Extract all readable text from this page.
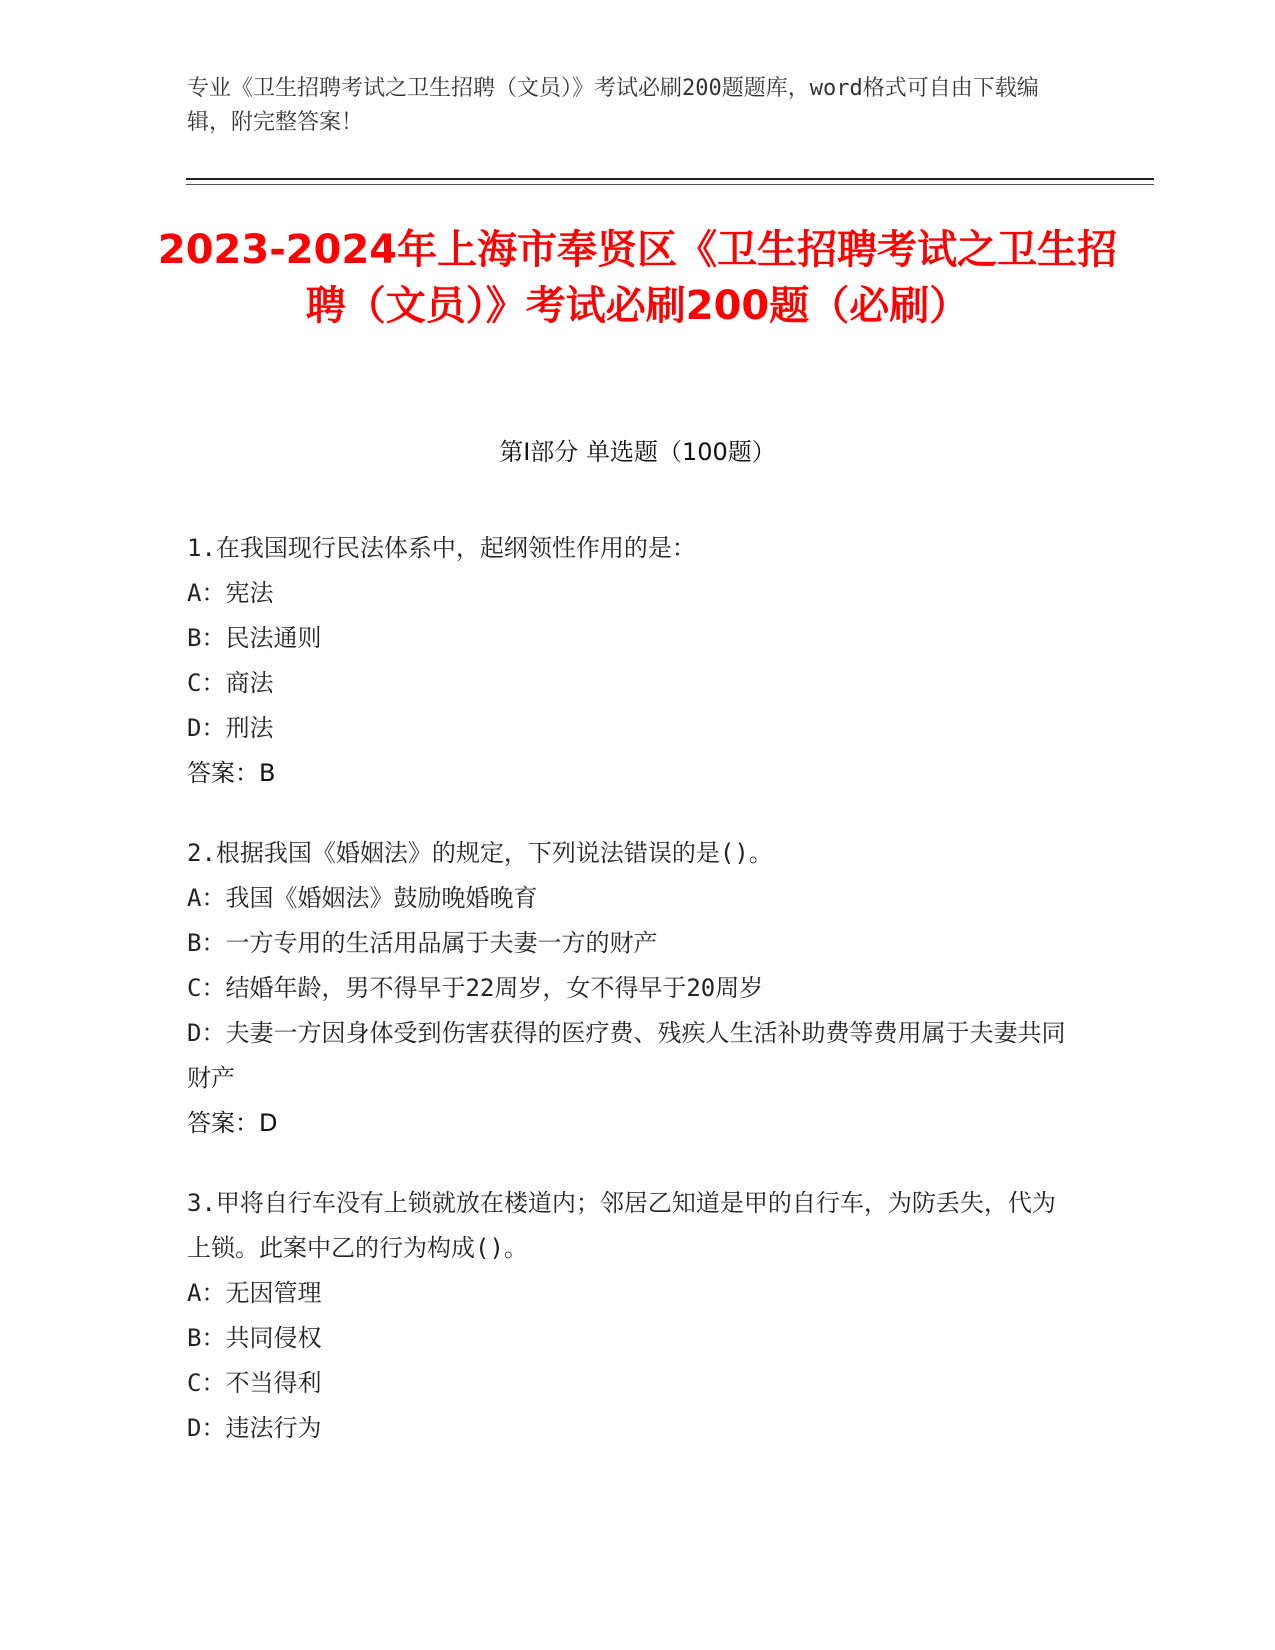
专业《卫生招聘考试之卫生招聘（文员）》考试必刷200题题库，word格式可自由下载编辑，附完整答案！
2023-2024年上海市奉贤区《卫生招聘考试之卫生招聘（文员）》考试必刷200题（必刷）
第I部分 单选题（100题）
1.在我国现行民法体系中，起纲领性作用的是：
A：宪法
B：民法通则
C：商法
D：刑法
答案：B
2.根据我国《婚姻法》的规定，下列说法错误的是()。
A：我国《婚姻法》鼓励晚婚晚育
B：一方专用的生活用品属于夫妻一方的财产
C：结婚年龄，男不得早于22周岁，女不得早于20周岁
D：夫妻一方因身体受到伤害获得的医疗费、残疾人生活补助费等费用属于夫妻共同财产
答案：D
3.甲将自行车没有上锁就放在楼道内；邻居乙知道是甲的自行车，为防丢失，代为上锁。此案中乙的行为构成()。
A：无因管理
B：共同侵权
C：不当得利
D：违法行为
